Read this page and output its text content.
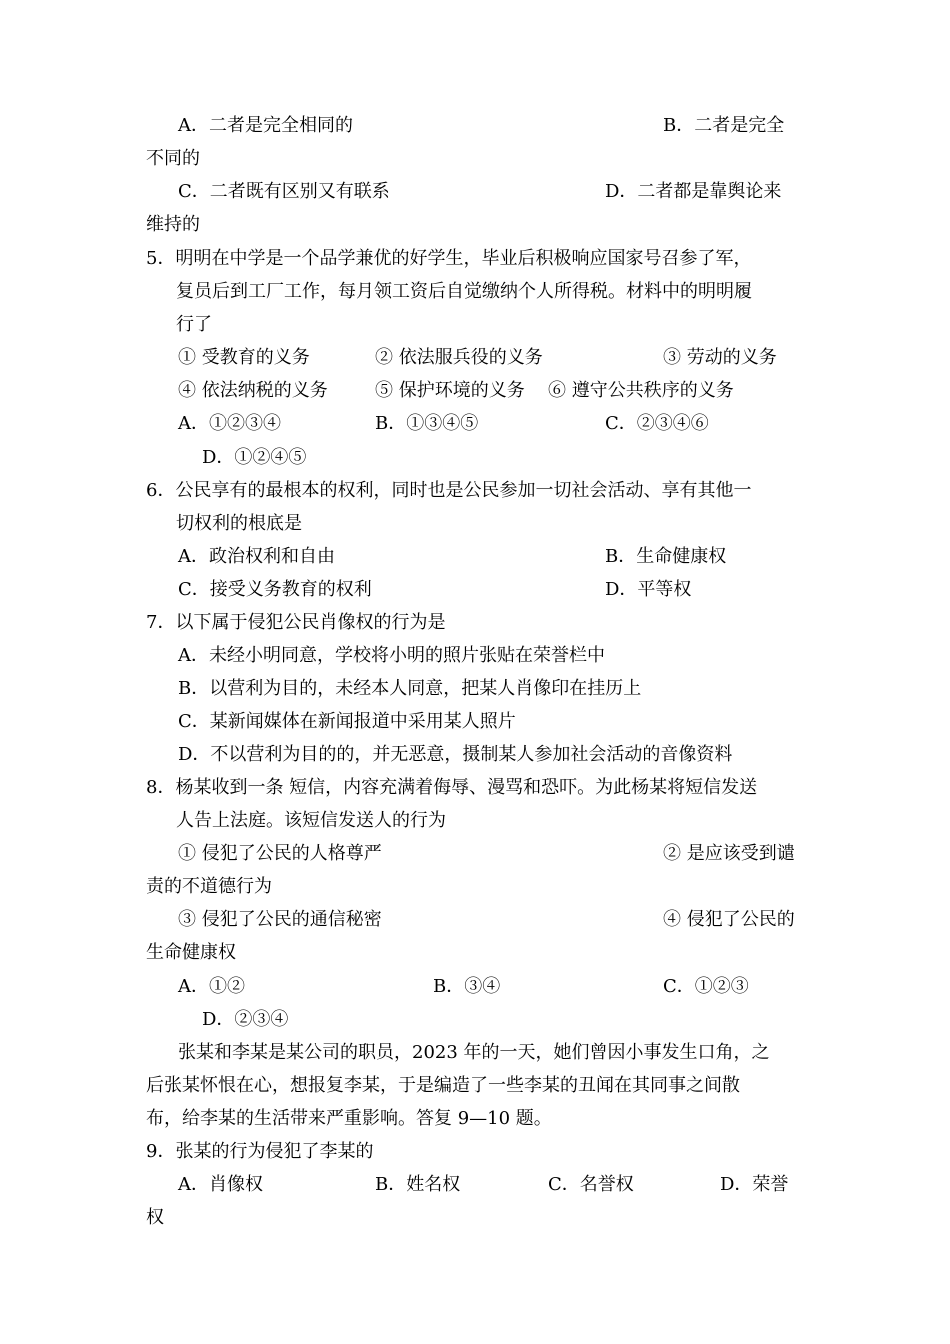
A．二者是完全相同的	B．二者是完全
不同的
C．二者既有区别又有联系	D．二者都是靠舆论来
维持的
5．明明在中学是一个品学兼优的好学生，毕业后积极响应国家号召参了军，
复员后到工厂工作，每月领工资后自觉缴纳个人所得税。材料中的明明履
行了
① 受教育的义务	② 依法服兵役的义务	③ 劳动的义务
④ 依法纳税的义务	⑤ 保护环境的义务 ⑥ 遵守公共秩序的义务
A．①②③④	B．①③④⑤	C．②③④⑥
D．①②④⑤
6．公民享有的最根本的权利，同时也是公民参加一切社会活动、享有其他一
切权利的根底是
A．政治权利和自由	B．生命健康权
C．接受义务教育的权利	D．平等权
7．以下属于侵犯公民肖像权的行为是
A．未经小明同意，学校将小明的照片张贴在荣誉栏中
B．以营利为目的，未经本人同意，把某人肖像印在挂历上
C．某新闻媒体在新闻报道中采用某人照片
D．不以营利为目的的，并无恶意，摄制某人参加社会活动的音像资料
8．杨某收到一条 短信，内容充满着侮辱、漫骂和恐吓。为此杨某将短信发送
人告上法庭。该短信发送人的行为
① 侵犯了公民的人格尊严	② 是应该受到谴
责的不道德行为
③ 侵犯了公民的通信秘密	④ 侵犯了公民的
生命健康权
A．①②	B．③④	C．①②③
D．②③④
张某和李某是某公司的职员，2023 年的一天，她们曾因小事发生口角，之
后张某怀恨在心，想报复李某，于是编造了一些李某的丑闻在其同事之间散
布，给李某的生活带来严重影响。答复 9—10 题。
9．张某的行为侵犯了李某的
A．肖像权	B．姓名权	C．名誉权	D．荣誉
权
